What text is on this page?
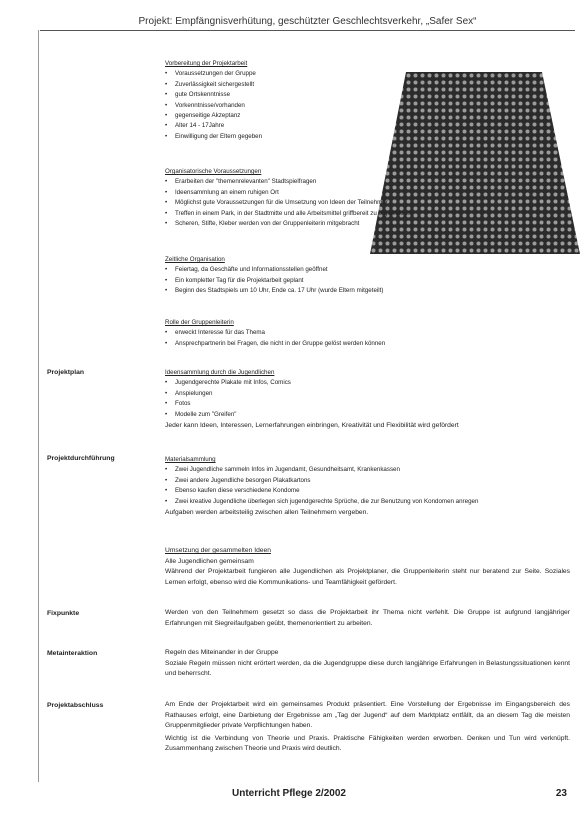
Projekt: Empfängnisverhütung, geschützter Geschlechtsverkehr, „Safer Sex“
Vorbereitung der Projektarbeit
• Voraussetzungen der Gruppe
• Zuverlässigkeit sichergestellt
• gute Ortskenntnisse
• Vorkenntnisse/vorhanden
• gegenseitige Akzeptanz
• Alter 14 - 17Jahre
• Einwilligung der Eltern gegeben
Organisatorische Voraussetzungen
• Erarbeiten der "themenrelevanten" Stadtspielfragen
• Ideensammlung an einem ruhigen Ort
• Möglichst gute Voraussetzungen für die Umsetzung von Ideen der Teilnehmer
• Treffen in einem Park, in der Stadtmitte und alle Arbeitsmittel griffbereit zu organisieren
• Scheren, Stifte, Kleber werden von der Gruppenleiterin mitgebracht
Zeitliche Organisation
• Feiertag, da Geschäfte und Informationsstellen geöffnet
• Ein kompletter Tag für die Projektarbeit geplant
• Beginn des Stadtspiels um 10 Uhr, Ende ca. 17 Uhr (wurde Eltern mitgeteilt)
Rolle der Gruppenleiterin
• erweckt Interesse für das Thema
• Ansprechpartnerin bei Fragen, die nicht in der Gruppe gelöst werden können
Projektplan	Ideensammlung durch die Jugendlichen
• Jugendgerechte Plakate mit Infos, Comics
• Anspielungen
• Fotos
• Modelle zum "Greifen"
Jeder kann Ideen, Interessen, Lernerfahrungen einbringen, Kreativität und Flexibilität wird gefördert
Projektdurchführung	Materialsammlung
• Zwei Jugendliche sammeln Infos im Jugendamt, Gesundheitsamt, Krankenkassen
• Zwei andere Jugendliche besorgen Plakatkartons
• Ebenso kaufen diese verschiedene Kondome
• Zwei kreative Jugendliche überlegen sich jugendgerechte Sprüche, die zur Benutzung von Kondomen anregen
Aufgaben werden arbeitsteilig zwischen allen Teilnehmern vergeben.
Umsetzung der gesammelten Ideen
Alle Jugendlichen gemeinsam
Während der Projektarbeit fungieren alle Jugendlichen als Projektplaner, die Gruppenleiterin steht nur beratend zur Seite. Soziales Lernen erfolgt, ebenso wird die Kommunikations- und Teamfähigkeit gefördert.
Fixpunkte	Werden von den Teilnehmern gesetzt so dass die Projektarbeit ihr Thema nicht verfehlt. Die Gruppe ist aufgrund langjähriger Erfahrungen mit Siegreifaufgaben geübt, themenorientiert zu arbeiten.
Metainteraktion	Regeln des Miteinander in der Gruppe
Soziale Regeln müssen nicht erörtert werden, da die Jugendgruppe diese durch langjährige Erfahrungen in Belastungssituationen kennt und beherrscht.
Projektabschluss	Am Ende der Projektarbeit wird ein gemeinsames Produkt präsentiert. Eine Vorstellung der Ergebnisse im Eingangsbereich des Rathauses erfolgt, eine Darbietung der Ergebnisse am „Tag der Jugend“ auf dem Marktplatz entfällt, da an diesem Tag die meisten Gruppenmitglieder private Verpflichtungen haben.
Wichtig ist die Verbindung von Theorie und Praxis. Praktische Fähigkeiten werden erworben. Denken und Tun wird verknüpft. Zusammenhang zwischen Theorie und Praxis wird deutlich.
Unterricht Pflege 2/2002	23
